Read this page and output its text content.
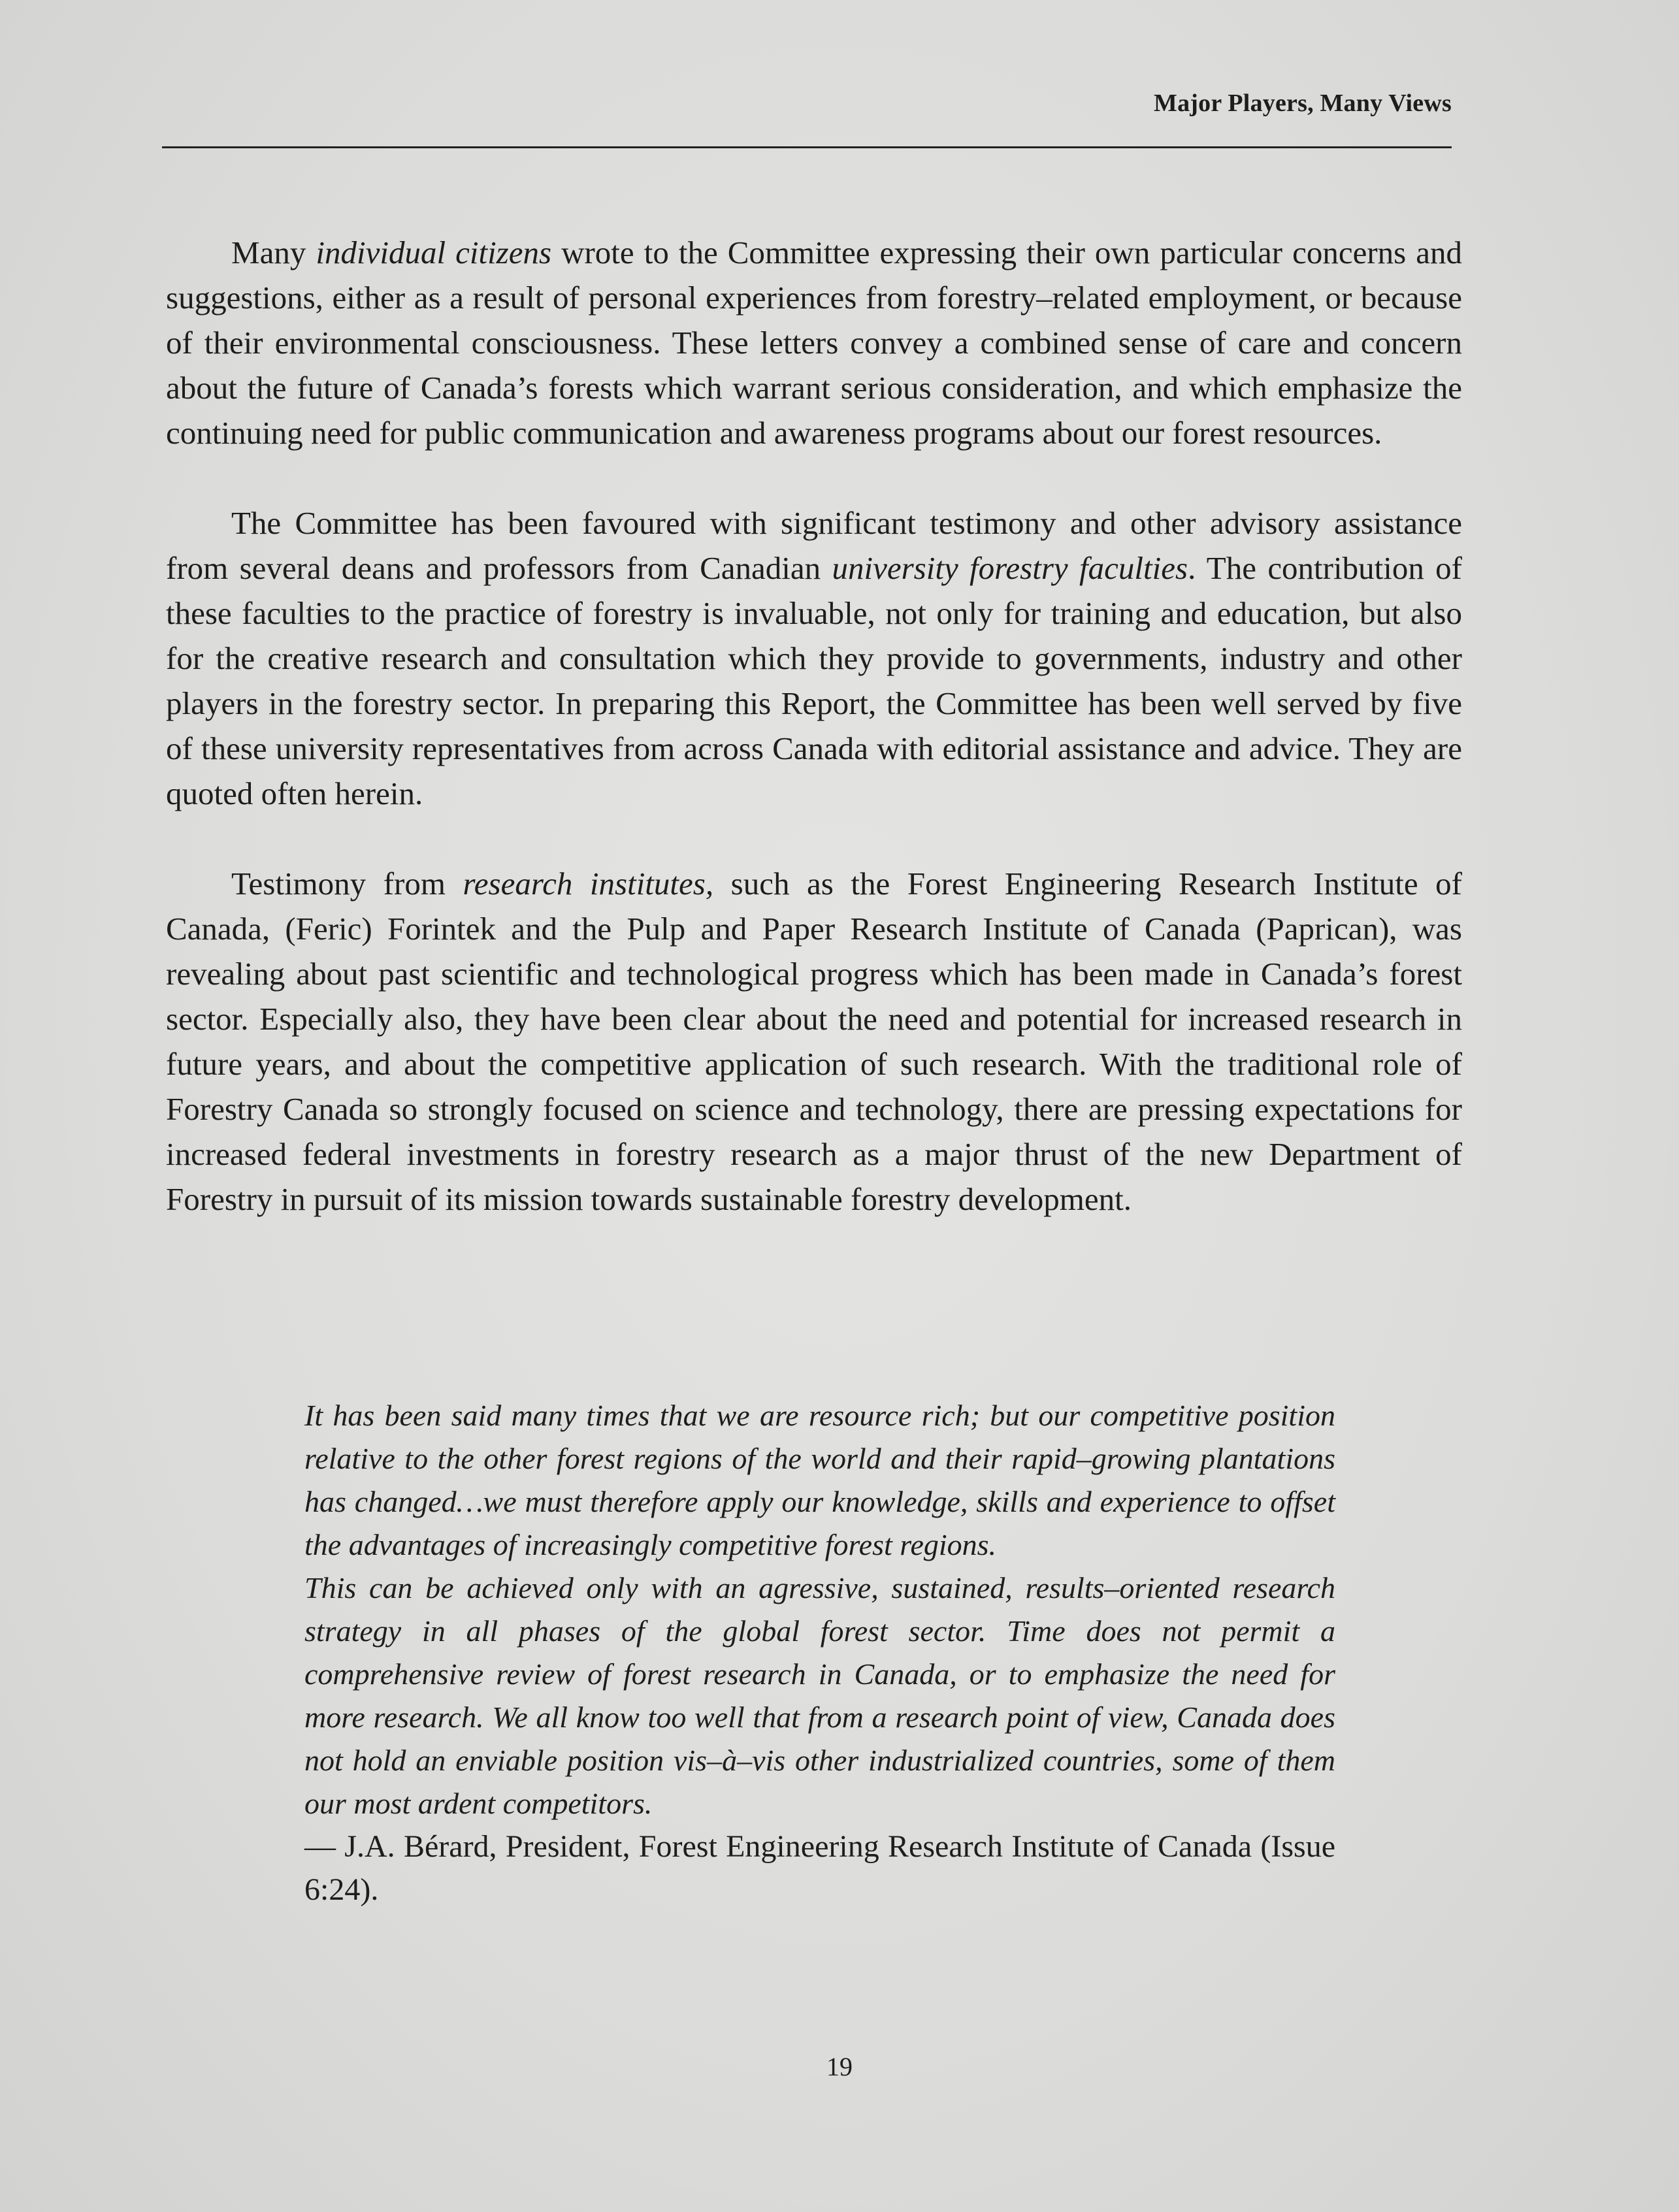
Major Players, Many Views

Many individual citizens wrote to the Committee expressing their own particular concerns and suggestions, either as a result of personal experiences from forestry–related employment, or because of their environmental consciousness. These letters convey a combined sense of care and concern about the future of Canada’s forests which warrant serious consideration, and which emphasize the continuing need for public communication and awareness programs about our forest resources.

The Committee has been favoured with significant testimony and other advisory assistance from several deans and professors from Canadian university forestry faculties. The contribution of these faculties to the practice of forestry is invaluable, not only for training and education, but also for the creative research and consultation which they provide to governments, industry and other players in the forestry sector. In preparing this Report, the Committee has been well served by five of these university representatives from across Canada with editorial assistance and advice. They are quoted often herein.

Testimony from research institutes, such as the Forest Engineering Research Institute of Canada, (Feric) Forintek and the Pulp and Paper Research Institute of Canada (Paprican), was revealing about past scientific and technological progress which has been made in Canada’s forest sector. Especially also, they have been clear about the need and potential for increased research in future years, and about the competitive application of such research. With the traditional role of Forestry Canada so strongly focused on science and technology, there are pressing expectations for increased federal investments in forestry research as a major thrust of the new Department of Forestry in pursuit of its mission towards sustainable forestry development.

It has been said many times that we are resource rich; but our competitive position relative to the other forest regions of the world and their rapid–growing plantations has changed…we must therefore apply our knowledge, skills and experience to offset the advantages of increasingly competitive forest regions.

This can be achieved only with an agressive, sustained, results–oriented research strategy in all phases of the global forest sector. Time does not permit a comprehensive review of forest research in Canada, or to emphasize the need for more research. We all know too well that from a research point of view, Canada does not hold an enviable position vis–à–vis other industrialized countries, some of them our most ardent competitors.

— J.A. Bérard, President, Forest Engineering Research Institute of Canada (Issue 6:24).

19
